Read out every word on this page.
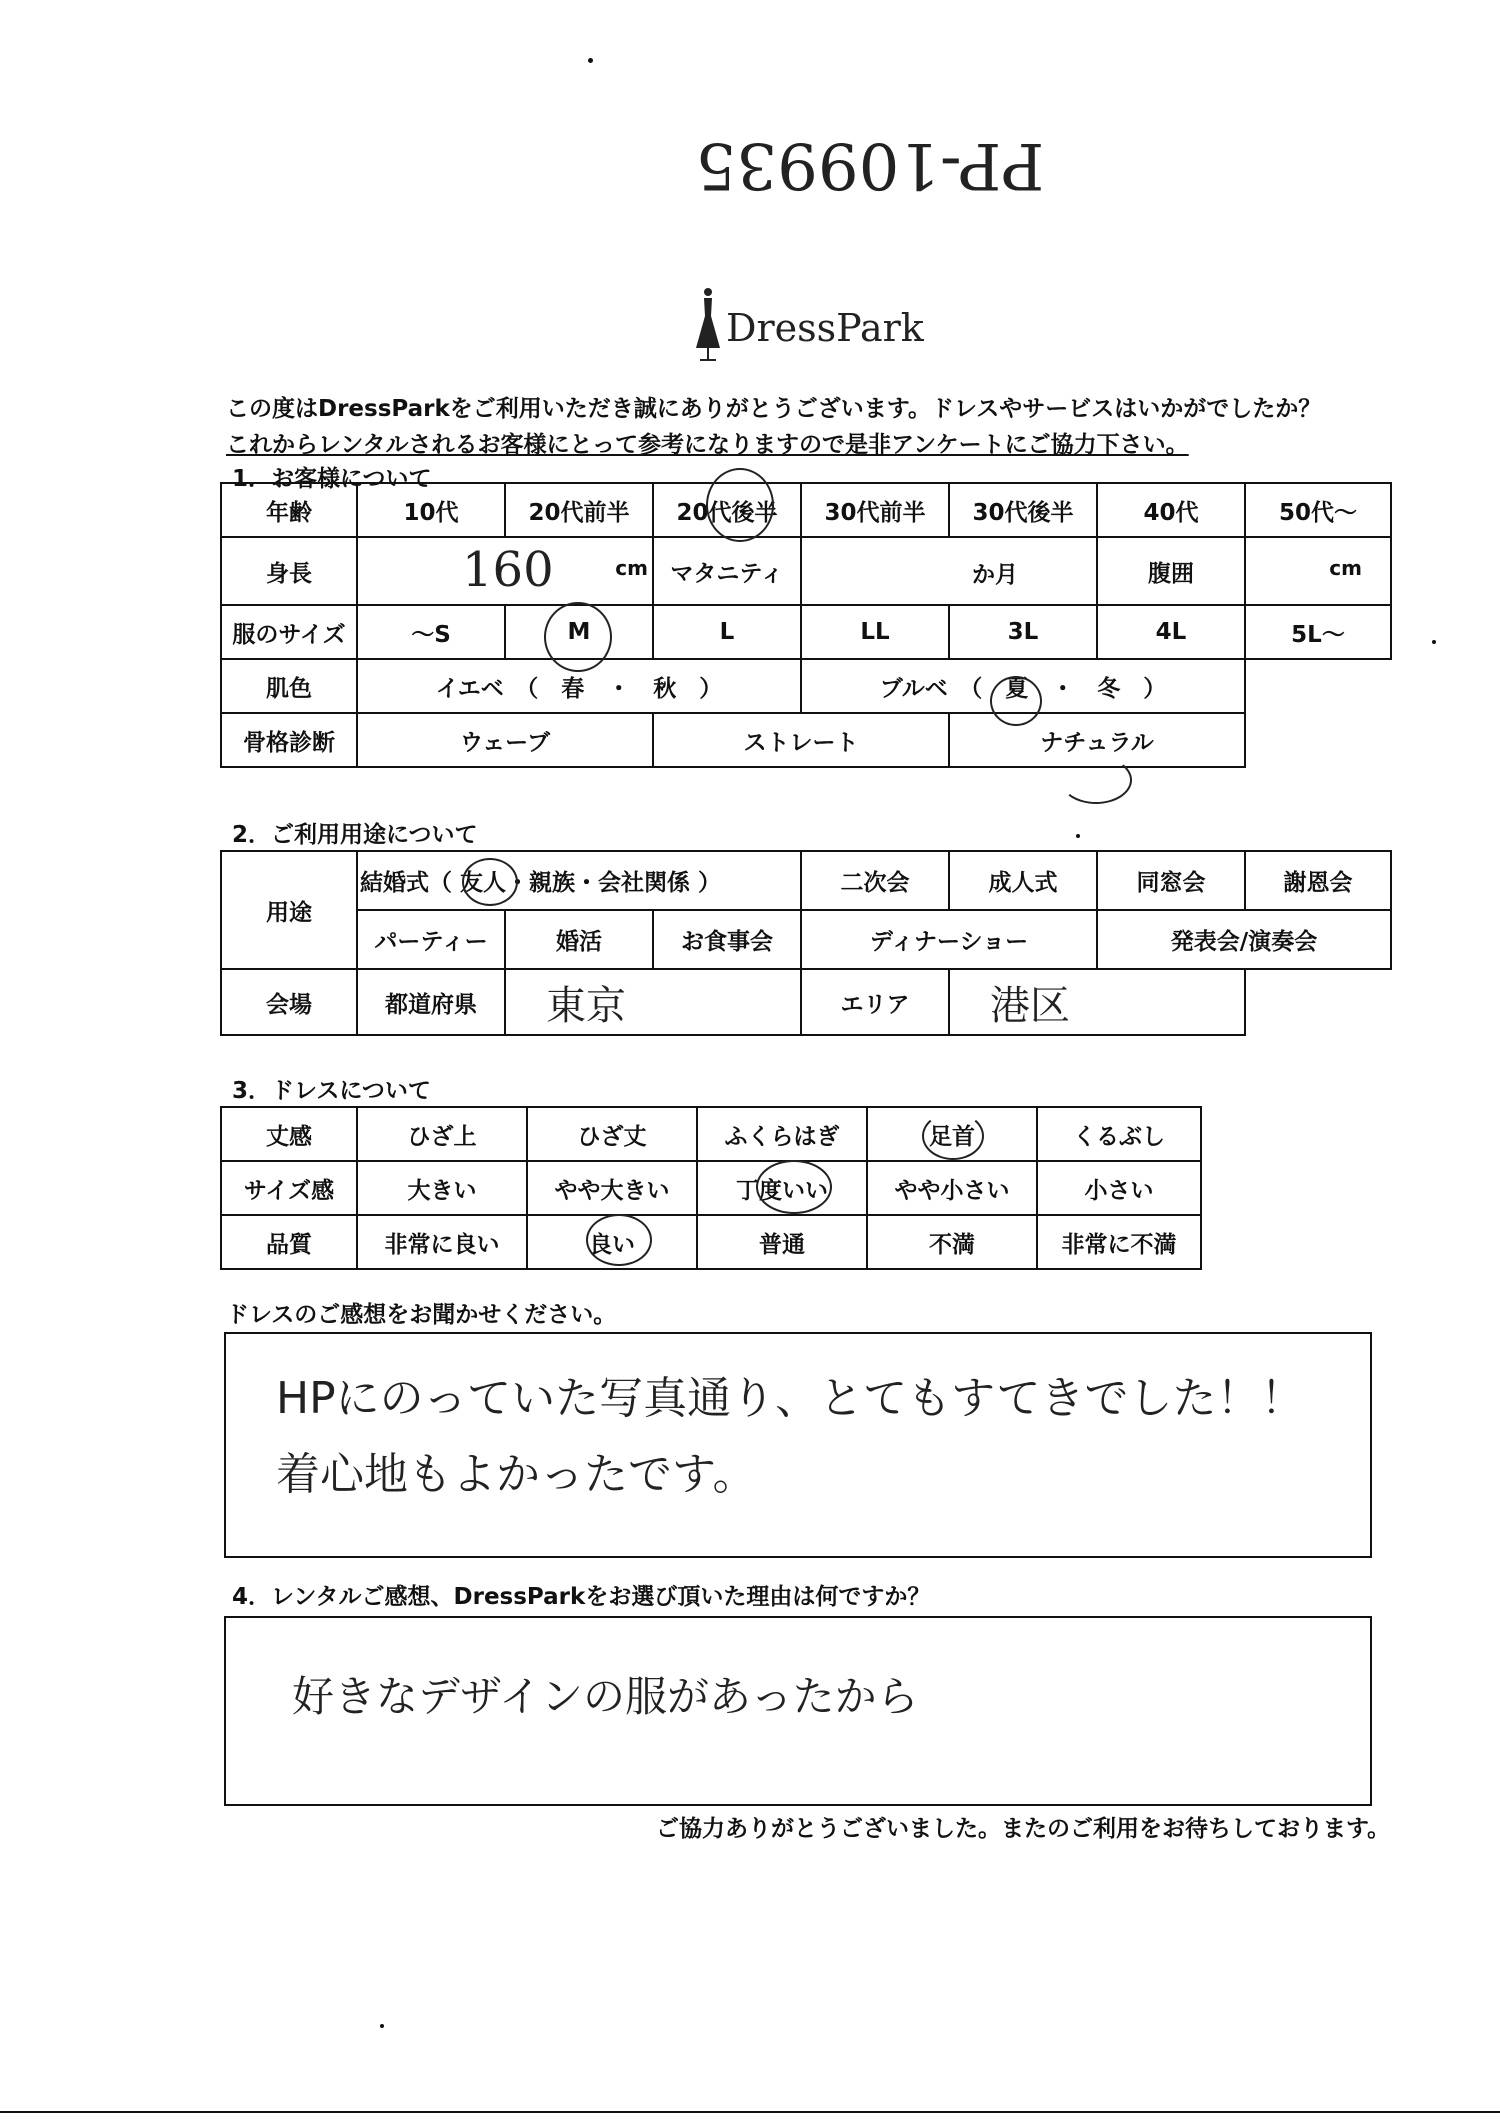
PP-109935
DressPark
この度はDressParkをご利用いただき誠にありがとうございます。ドレスやサービスはいかがでしたか？
これからレンタルされるお客様にとって参考になりますので是非アンケートにご協力下さい。
1．お客様について
年齢	10代	20代前半	20代後半	30代前半	30代後半	40代	50代～
身長	160 cm		マタニティ	か月		腹囲	cm

服のサイズ	～S	M	L	LL	3L	4L	5L～
肌色	イエベ　（　春　・　秋　）			ブルベ　（　夏　・　冬　）			
骨格診断	ウェーブ		ストレート		ナチュラル		
2．ご利用用途について
用途	結婚式（ 友人・親族・会社関係 ）			二次会	成人式	同窓会	謝恩会
	パーティー	婚活	お食事会	ディナーショー		発表会/演奏会	
会場	都道府県	東京		エリア	港区		
3．ドレスについて
丈感	ひざ上	ひざ丈	ふくらはぎ	足首	くるぶし
サイズ感	大きい	やや大きい	丁度いい	やや小さい	小さい
品質	非常に良い	良い	普通	不満	非常に不満
ドレスのご感想をお聞かせください。
HPにのっていた写真通り、とてもすてきでした！！
着心地もよかったです。
4．レンタルご感想、DressParkをお選び頂いた理由は何ですか？
好きなデザインの服があったから
ご協力ありがとうございました。またのご利用をお待ちしております。
